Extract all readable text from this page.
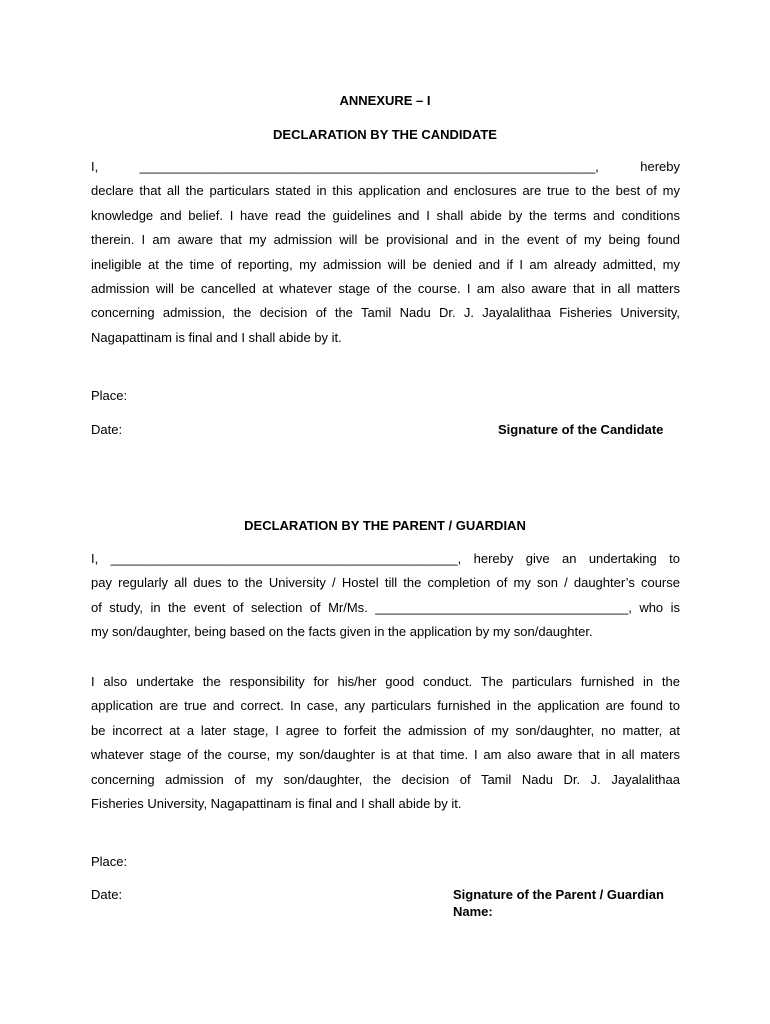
ANNEXURE – I
DECLARATION BY THE CANDIDATE
I, _______________________________________________________________, hereby
declare that all the particulars stated in this application and enclosures are true to the best of my
knowledge and belief. I have read the guidelines and I shall abide by the terms and conditions
therein. I am aware that my admission will be provisional and in the event of my being found
ineligible at the time of reporting, my admission will be denied and if I am already admitted, my
admission will be cancelled at whatever stage of the course. I am also aware that in all matters
concerning admission, the decision of the Tamil Nadu Dr. J. Jayalalithaa Fisheries University,
Nagapattinam is final and I shall abide by it.
Place:
Date:	Signature of the Candidate
DECLARATION BY THE PARENT / GUARDIAN
I, ________________________________________________, hereby give an undertaking to
pay regularly all dues to the University / Hostel till the completion of my son / daughter’s course
of study, in the event of selection of Mr/Ms. ___________________________________, who is
my son/daughter, being based on the facts given in the application by my son/daughter.
I also undertake the responsibility for his/her good conduct. The particulars furnished in the
application are true and correct. In case, any particulars furnished in the application are found to
be incorrect at a later stage, I agree to forfeit the admission of my son/daughter, no matter, at
whatever stage of the course, my son/daughter is at that time. I am also aware that in all maters
concerning admission of my son/daughter, the decision of Tamil Nadu Dr. J. Jayalalithaa
Fisheries University, Nagapattinam is final and I shall abide by it.
Place:
Date:	Signature of the Parent / Guardian
Name:
